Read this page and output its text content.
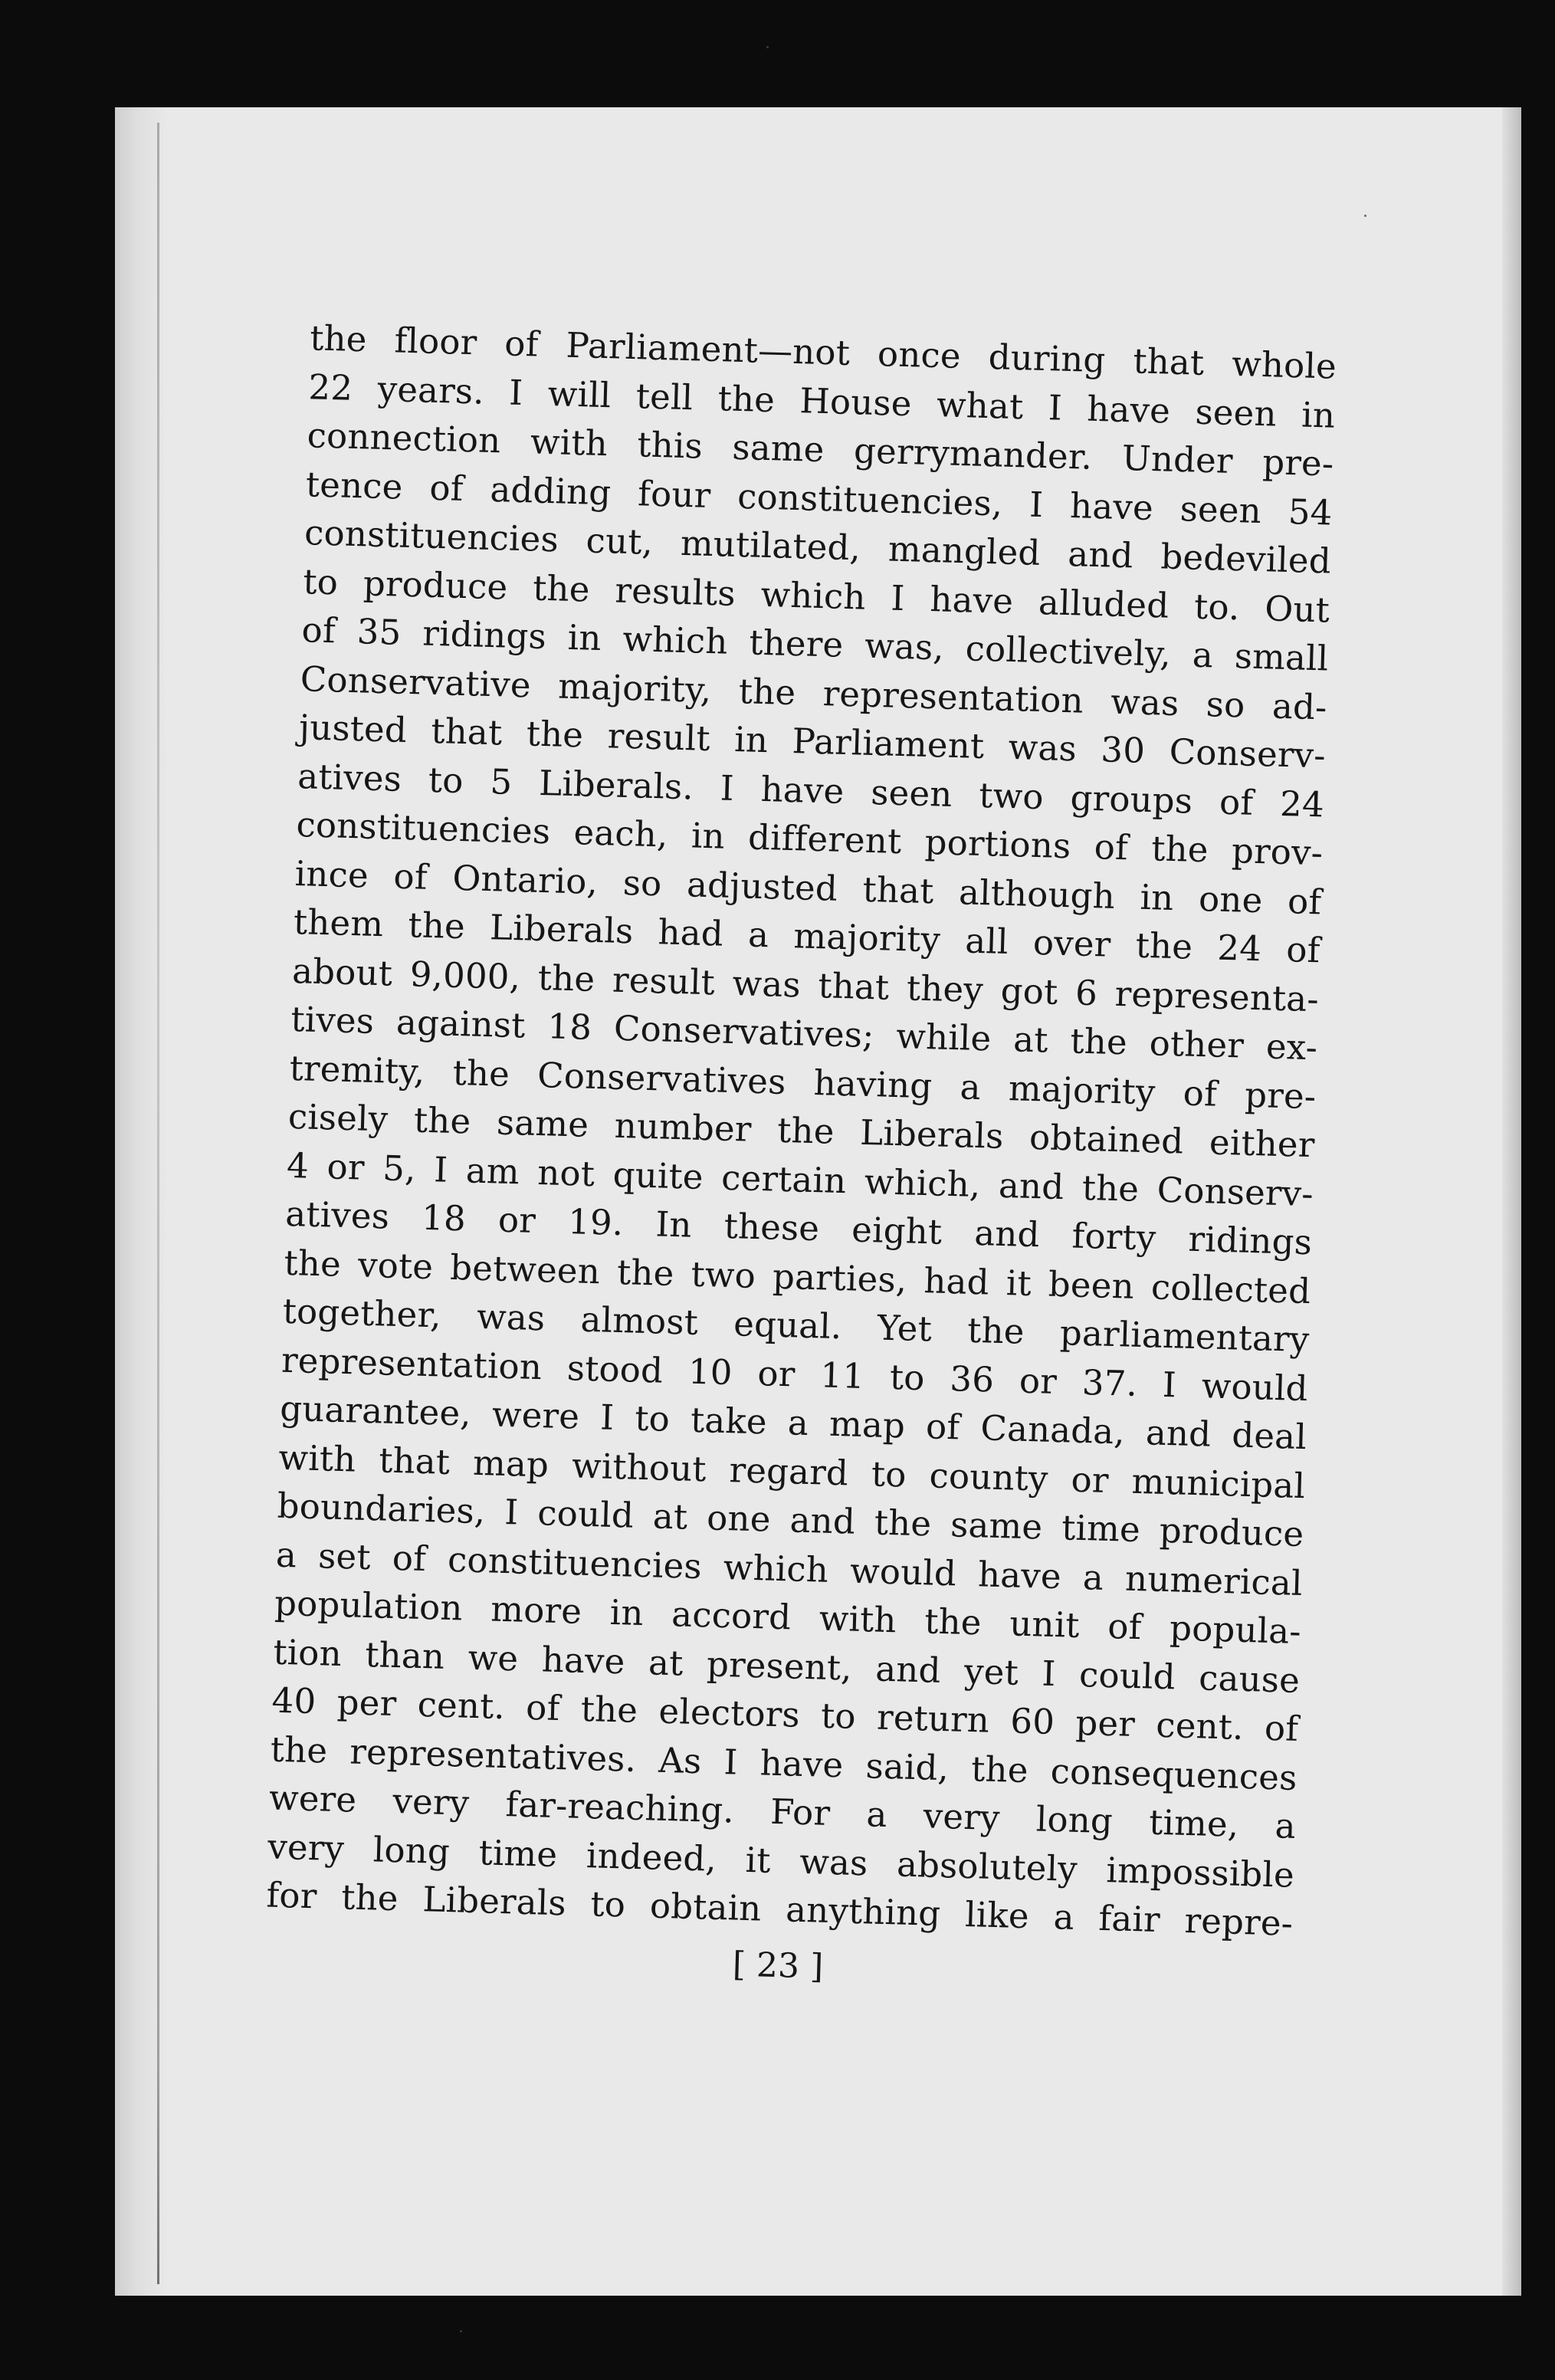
the floor of Parliament—not once during that whole
22 years. I will tell the House what I have seen in
connection with this same gerrymander. Under pre-
tence of adding four constituencies, I have seen 54
constituencies cut, mutilated, mangled and bedeviled
to produce the results which I have alluded to. Out
of 35 ridings in which there was, collectively, a small
Conservative majority, the representation was so ad-
justed that the result in Parliament was 30 Conserv-
atives to 5 Liberals. I have seen two groups of 24
constituencies each, in different portions of the prov-
ince of Ontario, so adjusted that although in one of
them the Liberals had a majority all over the 24 of
about 9,000, the result was that they got 6 representa-
tives against 18 Conservatives; while at the other ex-
tremity, the Conservatives having a majority of pre-
cisely the same number the Liberals obtained either
4 or 5, I am not quite certain which, and the Conserv-
atives 18 or 19. In these eight and forty ridings
the vote between the two parties, had it been collected
together, was almost equal. Yet the parliamentary
representation stood 10 or 11 to 36 or 37. I would
guarantee, were I to take a map of Canada, and deal
with that map without regard to county or municipal
boundaries, I could at one and the same time produce
a set of constituencies which would have a numerical
population more in accord with the unit of popula-
tion than we have at present, and yet I could cause
40 per cent. of the electors to return 60 per cent. of
the representatives. As I have said, the consequences
were very far-reaching. For a very long time, a
very long time indeed, it was absolutely impossible
for the Liberals to obtain anything like a fair repre-
[ 23 ]
